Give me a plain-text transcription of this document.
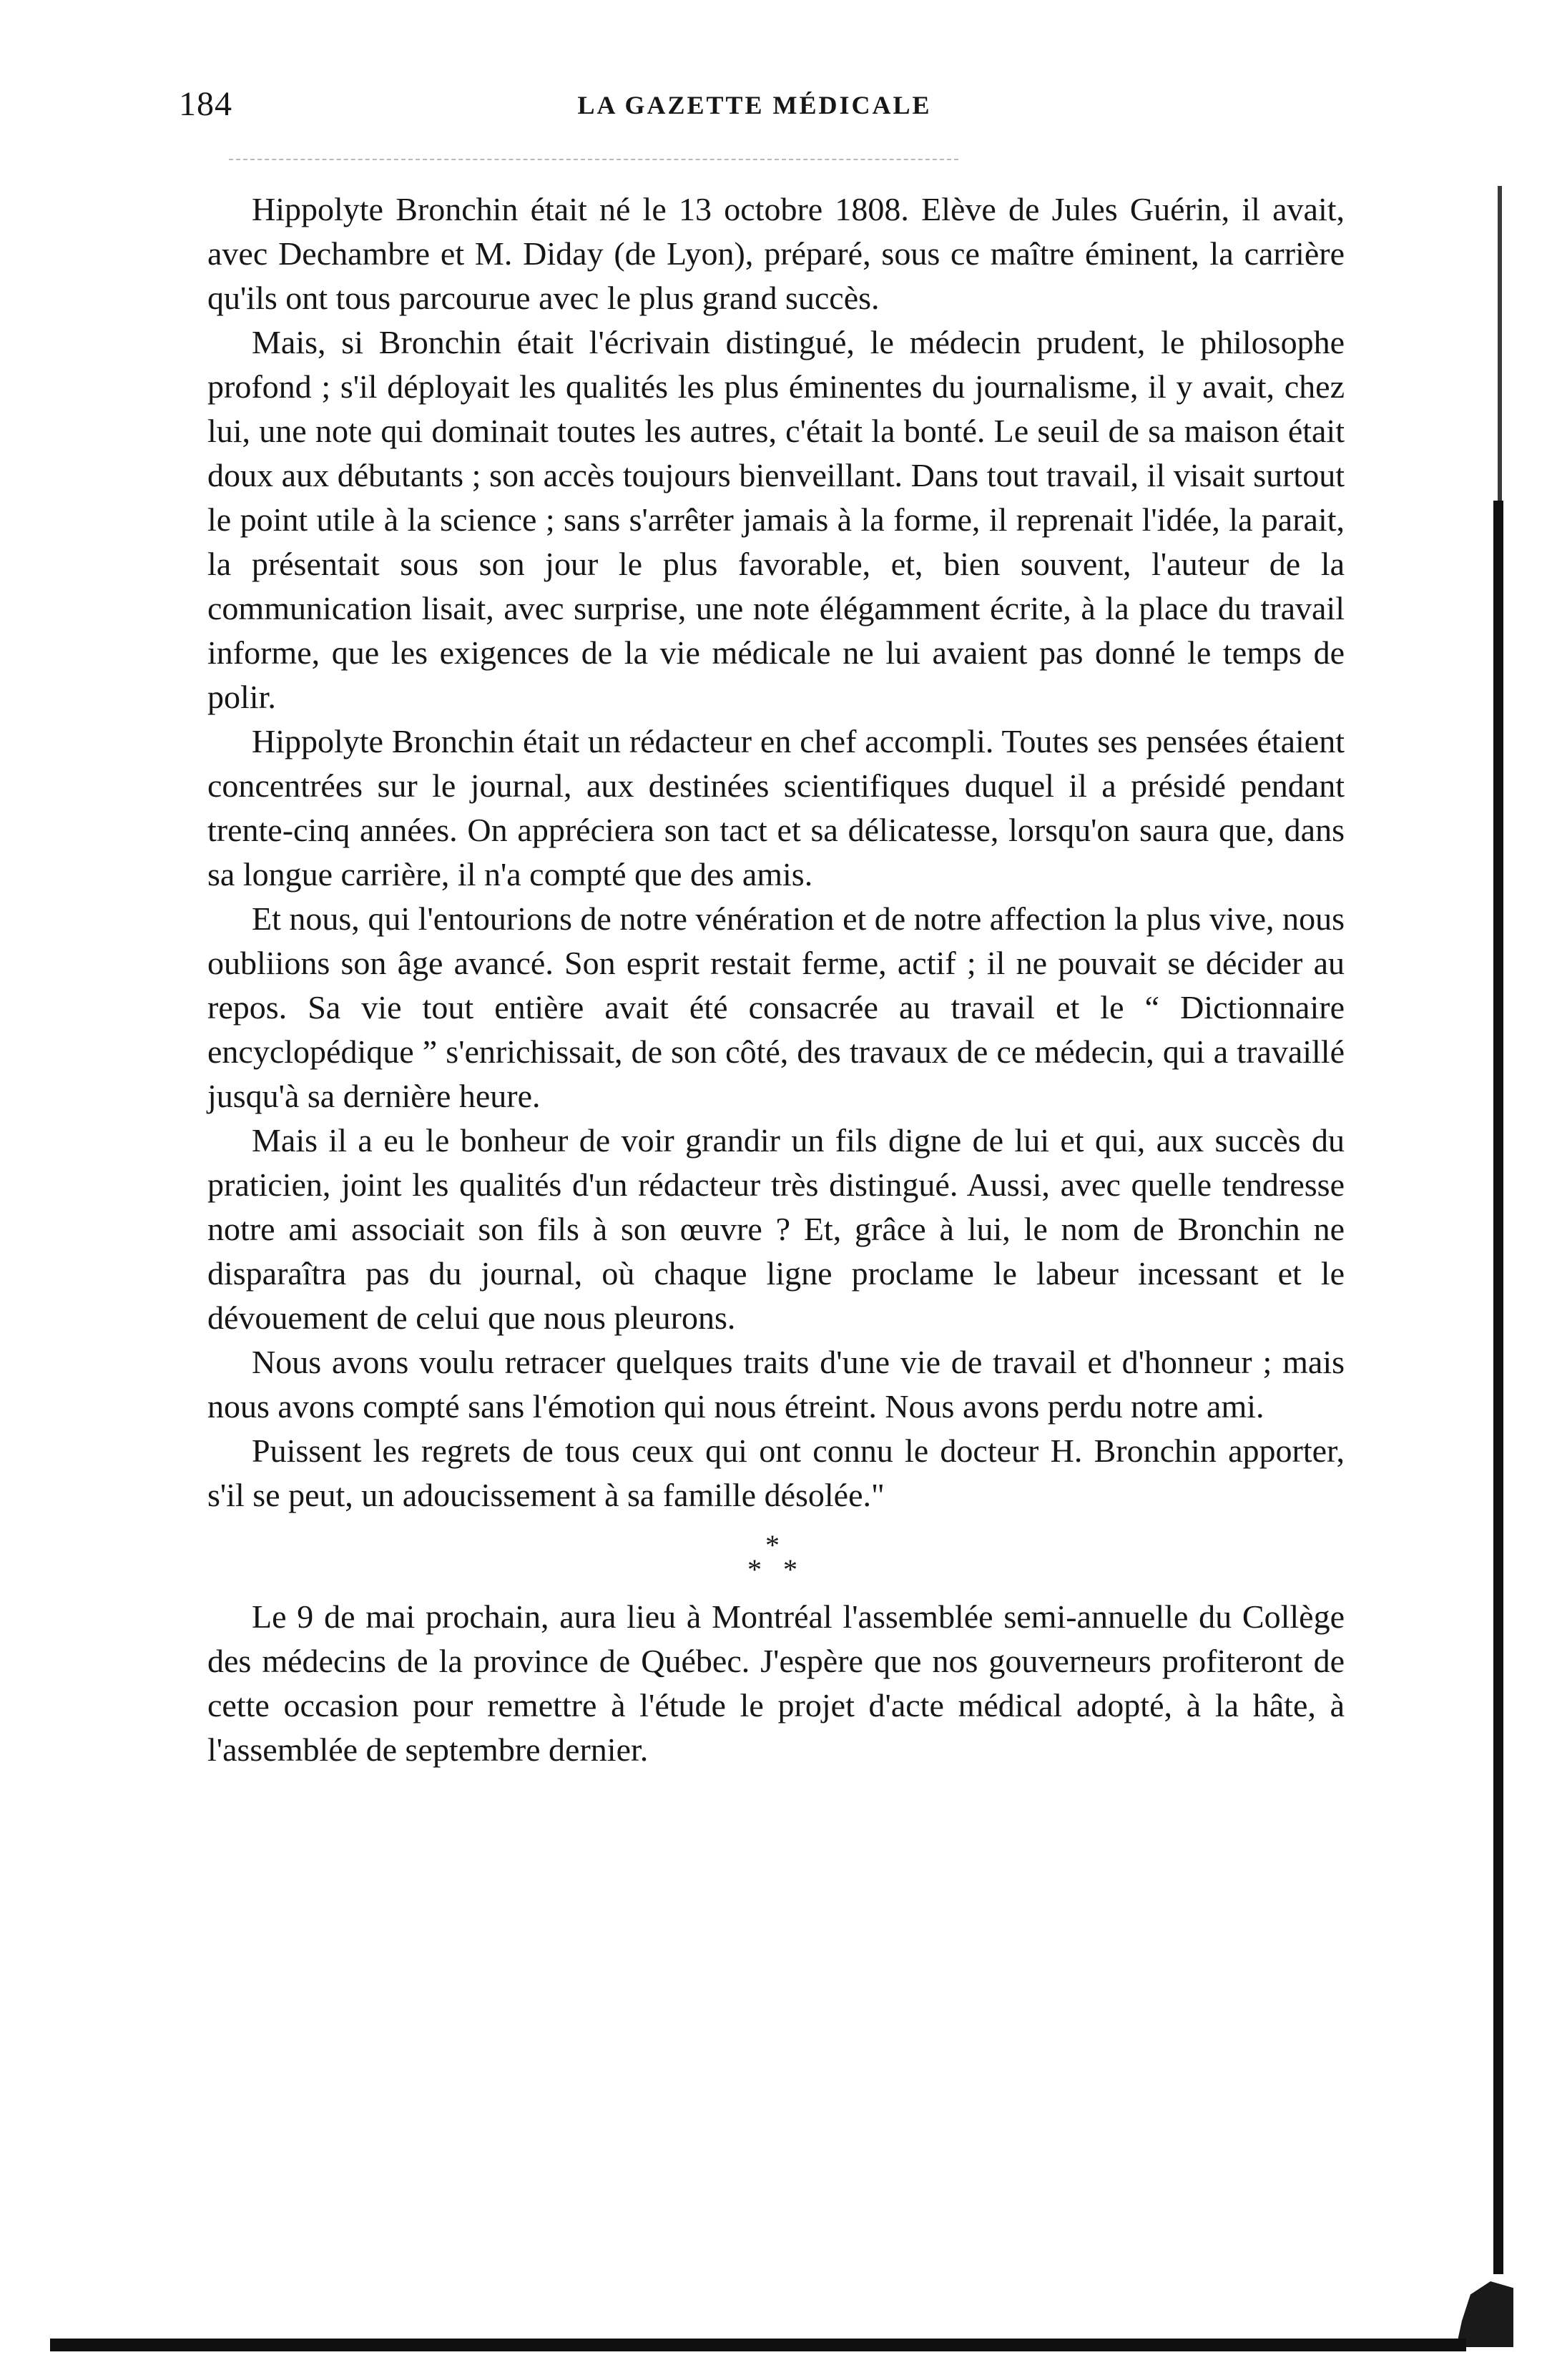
184	LA GAZETTE MÉDICALE

Hippolyte Bronchin était né le 13 octobre 1808. Elève de Jules Guérin, il avait, avec Dechambre et M. Diday (de Lyon), préparé, sous ce maître éminent, la carrière qu'ils ont tous parcourue avec le plus grand succès.

Mais, si Bronchin était l'écrivain distingué, le médecin prudent, le philosophe profond ; s'il déployait les qualités les plus éminentes du journalisme, il y avait, chez lui, une note qui dominait toutes les autres, c'était la bonté. Le seuil de sa maison était doux aux débutants ; son accès toujours bienveillant. Dans tout travail, il visait surtout le point utile à la science ; sans s'arrêter jamais à la forme, il reprenait l'idée, la parait, la présentait sous son jour le plus favorable, et, bien souvent, l'auteur de la communication lisait, avec surprise, une note élégamment écrite, à la place du travail informe, que les exigences de la vie médicale ne lui avaient pas donné le temps de polir.

Hippolyte Bronchin était un rédacteur en chef accompli. Toutes ses pensées étaient concentrées sur le journal, aux destinées scientifiques duquel il a présidé pendant trente-cinq années. On appréciera son tact et sa délicatesse, lorsqu'on saura que, dans sa longue carrière, il n'a compté que des amis.

Et nous, qui l'entourions de notre vénération et de notre affection la plus vive, nous oubliions son âge avancé. Son esprit restait ferme, actif ; il ne pouvait se décider au repos. Sa vie tout entière avait été consacrée au travail et le “ Dictionnaire encyclopédique ” s'enrichissait, de son côté, des travaux de ce médecin, qui a travaillé jusqu'à sa dernière heure.

Mais il a eu le bonheur de voir grandir un fils digne de lui et qui, aux succès du praticien, joint les qualités d'un rédacteur très distingué. Aussi, avec quelle tendresse notre ami associait son fils à son œuvre ? Et, grâce à lui, le nom de Bronchin ne disparaîtra pas du journal, où chaque ligne proclame le labeur incessant et le dévouement de celui que nous pleurons.

Nous avons voulu retracer quelques traits d'une vie de travail et d'honneur ; mais nous avons compté sans l'émotion qui nous étreint. Nous avons perdu notre ami.

Puissent les regrets de tous ceux qui ont connu le docteur H. Bronchin apporter, s'il se peut, un adoucissement à sa famille désolée."

*
* *

Le 9 de mai prochain, aura lieu à Montréal l'assemblée semi-annuelle du Collège des médecins de la province de Québec. J'espère que nos gouverneurs profiteront de cette occasion pour remettre à l'étude le projet d'acte médical adopté, à la hâte, à l'assemblée de septembre dernier.
